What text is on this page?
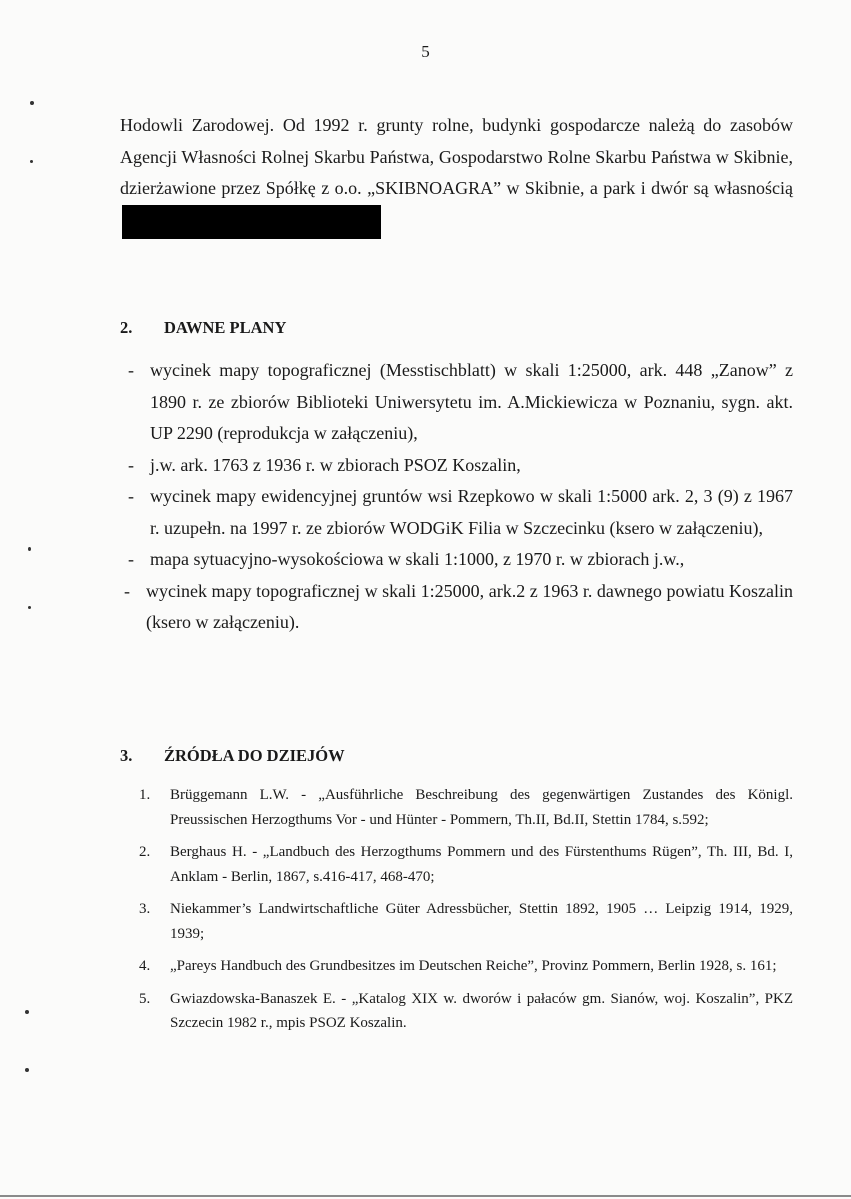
5

Hodowli Zarodowej. Od 1992 r. grunty rolne, budynki gospodarcze należą do zasobów Agencji Własności Rolnej Skarbu Państwa, Gospodarstwo Rolne Skarbu Państwa w Skibnie, dzierżawione przez Spółkę z o.o. „SKIBNOAGRA” w Skibnie, a park i dwór są własnością

2. DAWNE PLANY
- wycinek mapy topograficznej (Messtischblatt) w skali 1:25000, ark. 448 „Zanow” z 1890 r. ze zbiorów Biblioteki Uniwersytetu im. A.Mickiewicza w Poznaniu, sygn. akt. UP 2290 (reprodukcja w załączeniu),
- j.w. ark. 1763 z 1936 r. w zbiorach PSOZ Koszalin,
- wycinek mapy ewidencyjnej gruntów wsi Rzepkowo w skali 1:5000 ark. 2, 3 (9) z 1967 r. uzupełn. na 1997 r. ze zbiorów WODGiK Filia w Szczecinku (ksero w załączeniu),
- mapa sytuacyjno-wysokościowa w skali 1:1000, z 1970 r. w zbiorach j.w.,
- wycinek mapy topograficznej w skali 1:25000, ark.2 z 1963 r. dawnego powiatu Koszalin (ksero w załączeniu).
3. ŹRÓDŁA DO DZIEJÓW
1. Brüggemann L.W. - „Ausführliche Beschreibung des gegenwärtigen Zustandes des Königl. Preussischen Herzogthums Vor - und Hünter - Pommern, Th.II, Bd.II, Stettin 1784, s.592;
2. Berghaus H. - „Landbuch des Herzogthums Pommern und des Fürstenthums Rügen”, Th. III, Bd. I, Anklam - Berlin, 1867, s.416-417, 468-470;
3. Niekammer’s Landwirtschaftliche Güter Adressbücher, Stettin 1892, 1905 … Leipzig 1914, 1929, 1939;
4. „Pareys Handbuch des Grundbesitzes im Deutschen Reiche”, Provinz Pommern, Berlin 1928, s. 161;
5. Gwiazdowska-Banaszek E. - „Katalog XIX w. dworów i pałaców gm. Sianów, woj. Koszalin”, PKZ Szczecin 1982 r., mpis PSOZ Koszalin.
